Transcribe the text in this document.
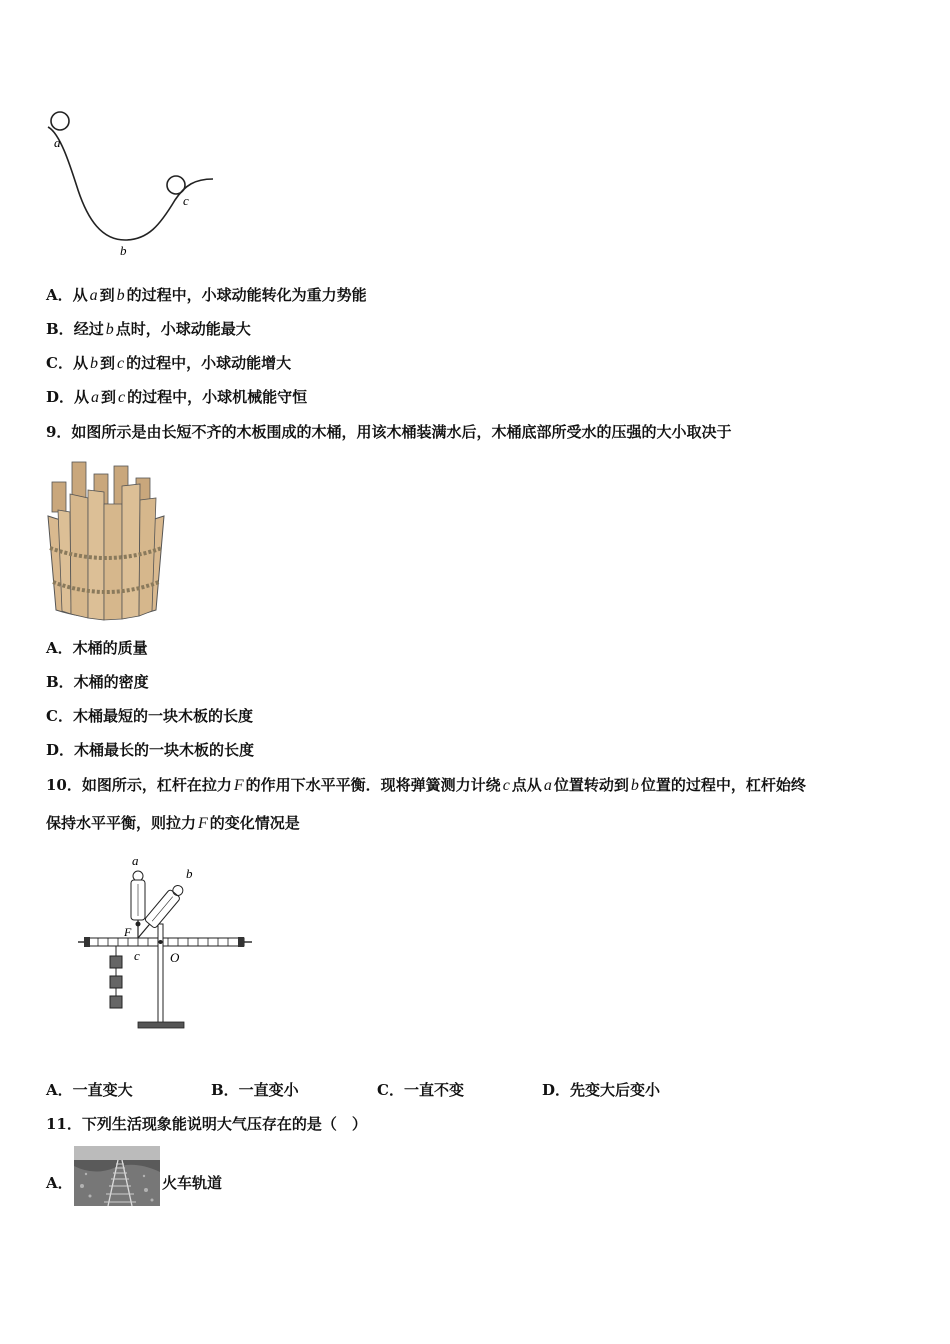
a
b
c
A．从 a 到 b 的过程中，小球动能转化为重力势能
B．经过 b 点时，小球动能最大
C．从 b 到 c 的过程中，小球动能增大
D．从 a 到 c 的过程中，小球机械能守恒
9．如图所示是由长短不齐的木板围成的木桶，用该木桶装满水后，木桶底部所受水的压强的大小取决于
A．木桶的质量
B．木桶的密度
C．木桶最短的一块木板的长度
D．木桶最长的一块木板的长度
10．如图所示，杠杆在拉力 F 的作用下水平平衡．现将弹簧测力计绕 c 点从 a 位置转动到 b 位置的过程中，杠杆始终
保持水平平衡，则拉力 F 的变化情况是
a
b
F
c O
A．一直变大	B．一直变小	C．一直不变	D．先变大后变小
11．下列生活现象能说明大气压存在的是（　）
A．	火车轨道
